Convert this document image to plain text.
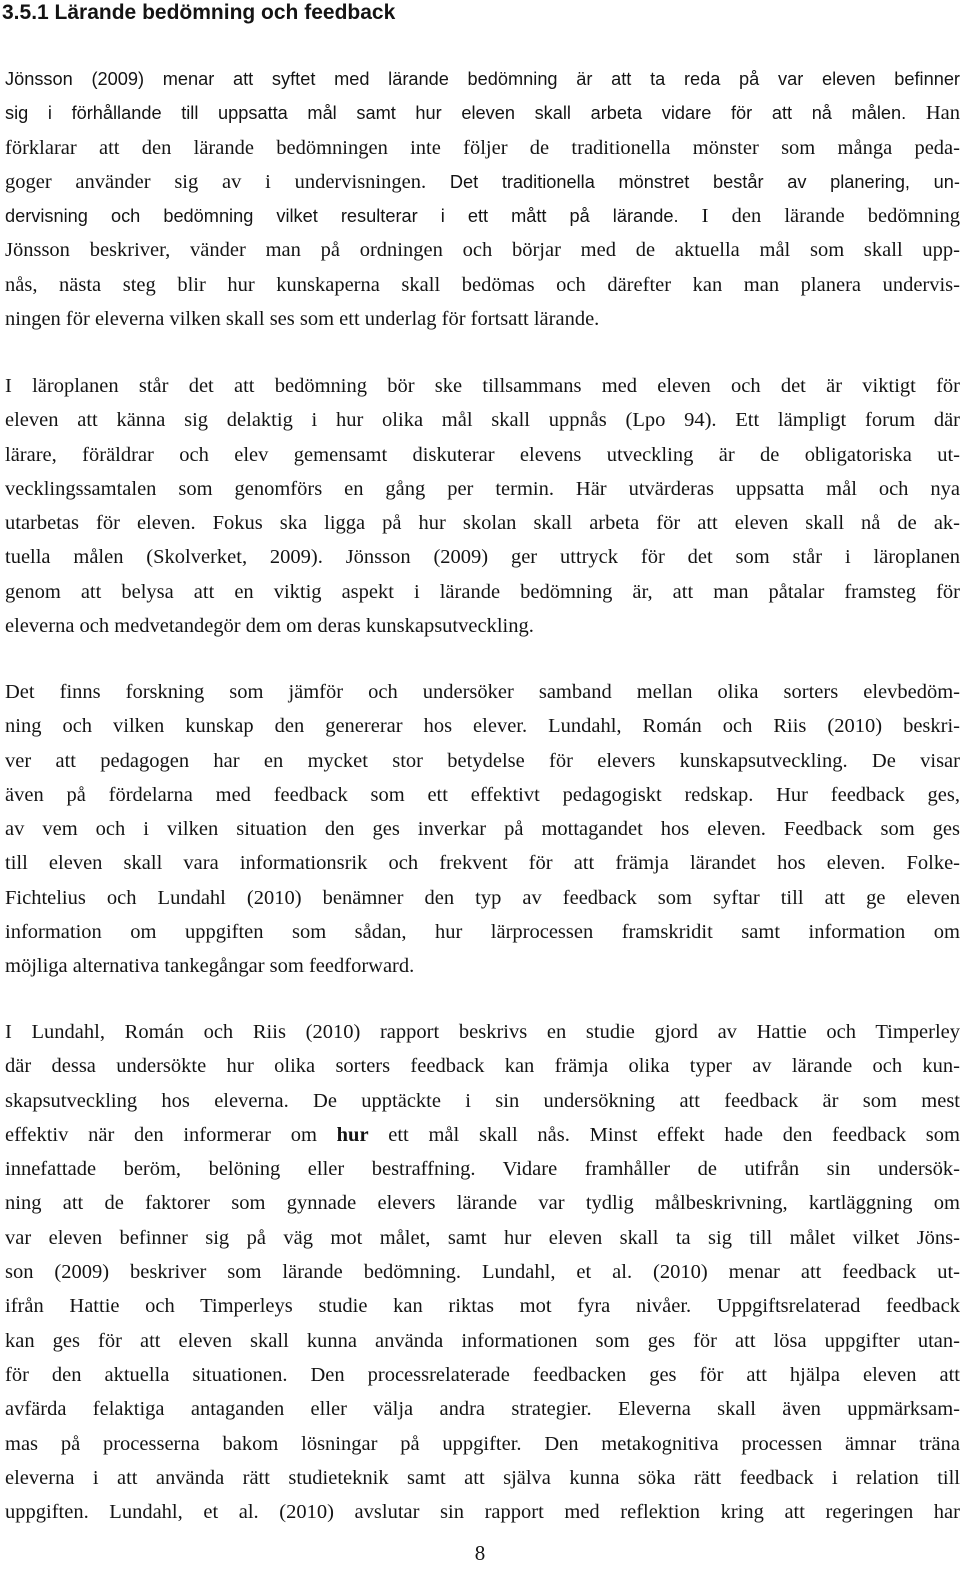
3.5.1 Lärande bedömning och feedback
Jönsson (2009) menar att syftet med lärande bedömning är att ta reda på var eleven befinner
sig i förhållande till uppsatta mål samt hur eleven skall arbeta vidare för att nå målen. Han
förklarar att den lärande bedömningen inte följer de traditionella mönster som många peda-
goger använder sig av i undervisningen. Det traditionella mönstret består av planering, un-
dervisning och bedömning vilket resulterar i ett mått på lärande. I den lärande bedömning
Jönsson beskriver, vänder man på ordningen och börjar med de aktuella mål som skall upp-
nås, nästa steg blir hur kunskaperna skall bedömas och därefter kan man planera undervis-
ningen för eleverna vilken skall ses som ett underlag för fortsatt lärande.
I läroplanen står det att bedömning bör ske tillsammans med eleven och det är viktigt för
eleven att känna sig delaktig i hur olika mål skall uppnås (Lpo 94). Ett lämpligt forum där
lärare, föräldrar och elev gemensamt diskuterar elevens utveckling är de obligatoriska ut-
vecklingssamtalen som genomförs en gång per termin. Här utvärderas uppsatta mål och nya
utarbetas för eleven. Fokus ska ligga på hur skolan skall arbeta för att eleven skall nå de ak-
tuella målen (Skolverket, 2009). Jönsson (2009) ger uttryck för det som står i läroplanen
genom att belysa att en viktig aspekt i lärande bedömning är, att man påtalar framsteg för
eleverna och medvetandegör dem om deras kunskapsutveckling.
Det finns forskning som jämför och undersöker samband mellan olika sorters elevbedöm-
ning och vilken kunskap den genererar hos elever. Lundahl, Román och Riis (2010) beskri-
ver att pedagogen har en mycket stor betydelse för elevers kunskapsutveckling. De visar
även på fördelarna med feedback som ett effektivt pedagogiskt redskap. Hur feedback ges,
av vem och i vilken situation den ges inverkar på mottagandet hos eleven. Feedback som ges
till eleven skall vara informationsrik och frekvent för att främja lärandet hos eleven. Folke-
Fichtelius och Lundahl (2010) benämner den typ av feedback som syftar till att ge eleven
information om uppgiften som sådan, hur lärprocessen framskridit samt information om
möjliga alternativa tankegångar som feedforward.
I Lundahl, Román och Riis (2010) rapport beskrivs en studie gjord av Hattie och Timperley
där dessa undersökte hur olika sorters feedback kan främja olika typer av lärande och kun-
skapsutveckling hos eleverna. De upptäckte i sin undersökning att feedback är som mest
effektiv när den informerar om hur ett mål skall nås. Minst effekt hade den feedback som
innefattade beröm, belöning eller bestraffning. Vidare framhåller de utifrån sin undersök-
ning att de faktorer som gynnade elevers lärande var tydlig målbeskrivning, kartläggning om
var eleven befinner sig på väg mot målet, samt hur eleven skall ta sig till målet vilket Jöns-
son (2009) beskriver som lärande bedömning. Lundahl, et al. (2010) menar att feedback ut-
ifrån Hattie och Timperleys studie kan riktas mot fyra nivåer. Uppgiftsrelaterad feedback
kan ges för att eleven skall kunna använda informationen som ges för att lösa uppgifter utan-
för den aktuella situationen. Den processrelaterade feedbacken ges för att hjälpa eleven att
avfärda felaktiga antaganden eller välja andra strategier. Eleverna skall även uppmärksam-
mas på processerna bakom lösningar på uppgifter. Den metakognitiva processen ämnar träna
eleverna i att använda rätt studieteknik samt att själva kunna söka rätt feedback i relation till
uppgiften. Lundahl, et al. (2010) avslutar sin rapport med reflektion kring att regeringen har
8
